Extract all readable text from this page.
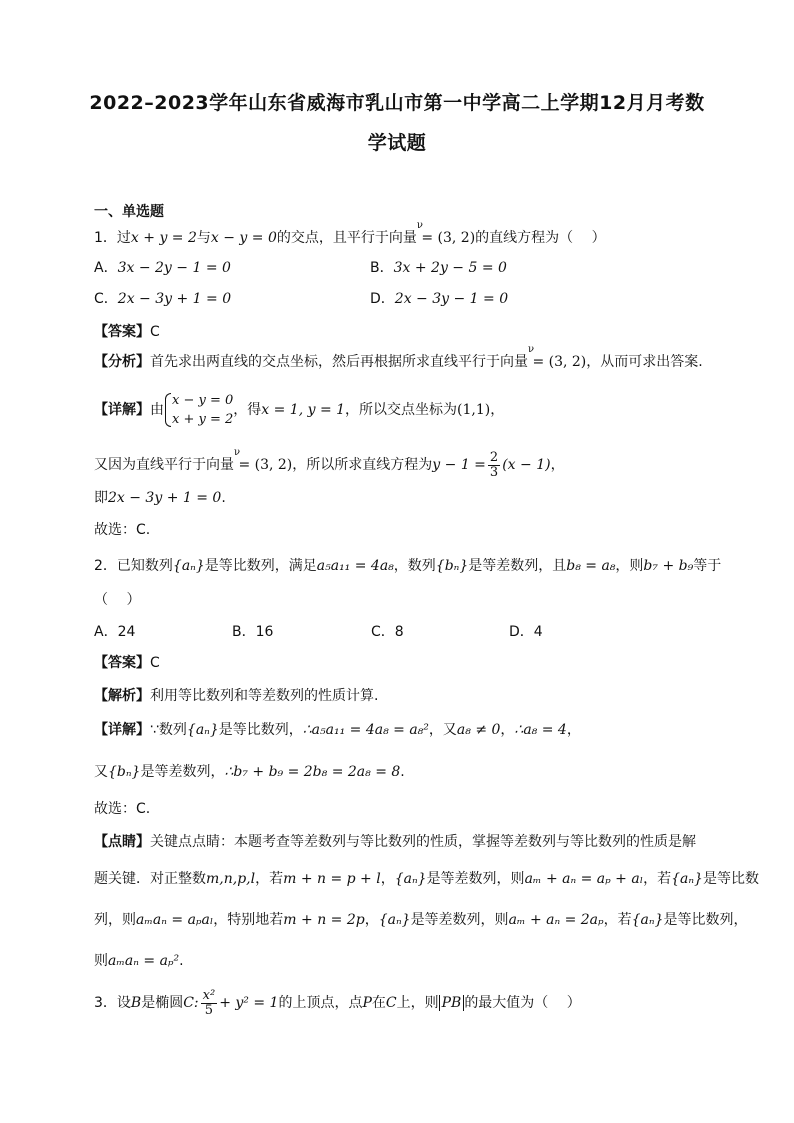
2022–2023学年山东省威海市乳山市第一中学高二上学期12月月考数
学试题
一、单选题
1．过x + y = 2与x − y = 0的交点，且平行于向量 ν = (3, 2)的直线方程为（　 ）
A．3x − 2y − 1 = 0	B．3x + 2y − 5 = 0
C．2x − 3y + 1 = 0	D．2x − 3y − 1 = 0
【答案】C
【分析】首先求出两直线的交点坐标，然后再根据所求直线平行于向量 ν = (3, 2)，从而可求出答案.
【详解】由
x − y = 0
x + y = 2
，得x = 1, y = 1，所以交点坐标为(1,1)，
又因为直线平行于向量 ν = (3, 2)，所以所求直线方程为$y - 1 = \frac{2}{3} (x - 1)$，
即2x − 3y + 1 = 0.
故选：C.
2．已知数列{aₙ}是等比数列，满足a₅a₁₁ = 4a₈，数列{bₙ}是等差数列，且b₈ = a₈，则b₇ + b₉等于
（　 ）
A．24	B．16	C．8	D．4
【答案】C
【解析】利用等比数列和等差数列的性质计算.
【详解】∵数列{aₙ}是等比数列，∴a₅a₁₁ = 4a₈ = a₈²，又a₈ ≠ 0，∴a₈ = 4，
又{bₙ}是等差数列，∴b₇ + b₉ = 2b₈ = 2a₈ = 8.
故选：C.
【点睛】关键点点睛：本题考查等差数列与等比数列的性质，掌握等差数列与等比数列的性质是解
题关键．对正整数m,n,p,l，若m + n = p + l，{aₙ}是等差数列，则aₘ + aₙ = aₚ + aₗ，若{aₙ}是等比数
列，则aₘaₙ = aₚaₗ，特别地若m + n = 2p，{aₙ}是等差数列，则aₘ + aₙ = 2aₚ，若{aₙ}是等比数列，
则aₘaₙ = aₚ².
3．设B是椭圆C: $\frac{\text{x²}}{5} + y^2 = 1$的上顶点，点P在C上，则 PB 的最大值为（　 ）
